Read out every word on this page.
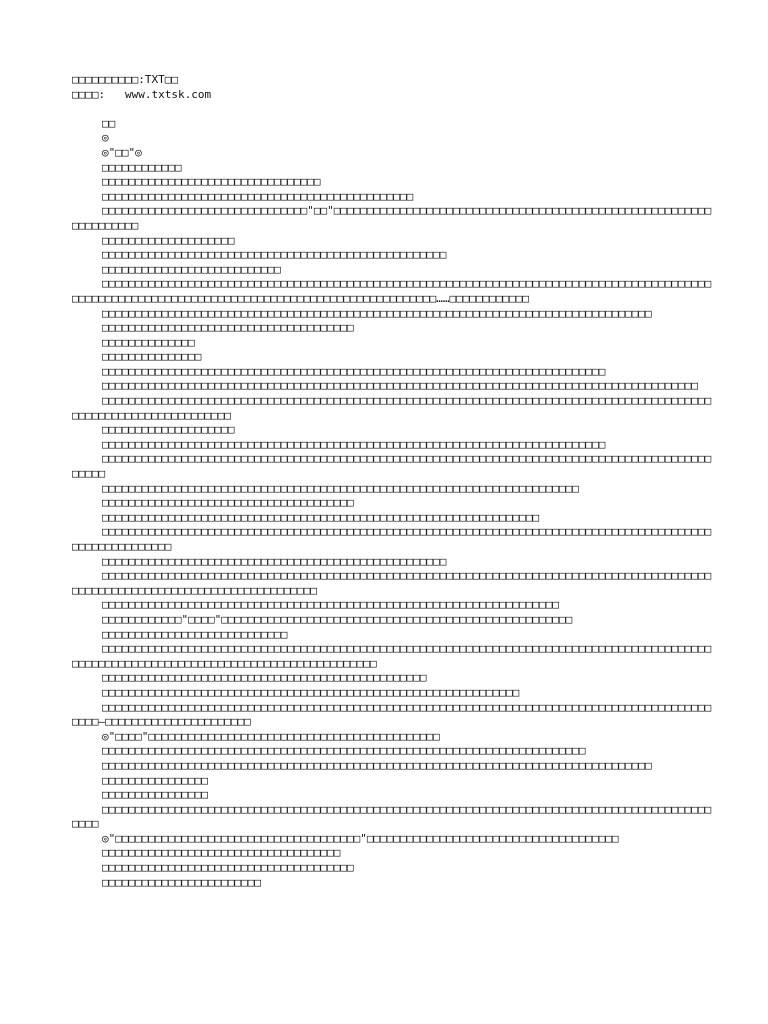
□□□□□□□□□□:TXT□□
□□□□:   www.txtsk.com

□□

◎

◎"□□"◎

□□□□□□□□□□□□

□□□□□□□□□□□□□□□□□□□□□□□□□□□□□□□□□

□□□□□□□□□□□□□□□□□□□□□□□□□□□□□□□□□□□□□□□□□□□□□□□

□□□□□□□□□□□□□□□□□□□□□□□□□□□□□□□"□□"□□□□□□□□□□□□□□□□□□□□□□□□□□□□□□□□□□□□□□□□□□□□□□□□□□□□□□□□□□□□□□□□□□□

□□□□□□□□□□□□□□□□□□□□

□□□□□□□□□□□□□□□□□□□□□□□□□□□□□□□□□□□□□□□□□□□□□□□□□□□□

□□□□□□□□□□□□□□□□□□□□□□□□□□□

□□□□□□□□□□□□□□□□□□□□□□□□□□□□□□□□□□□□□□□□□□□□□□□□□□□□□□□□□□□□□□□□□□□□□□□□□□□□□□□□□□□□□□□□□□□□□□□□□□□□□□□□□□□□□□□□□□□□□□□□□□□□□□□□□□□□□□□□□□□□□□□□□□□……□□□□□□□□□□□□

□□□□□□□□□□□□□□□□□□□□□□□□□□□□□□□□□□□□□□□□□□□□□□□□□□□□□□□□□□□□□□□□□□□□□□□□□□□□□□□□□□□

□□□□□□□□□□□□□□□□□□□□□□□□□□□□□□□□□□□□□□

□□□□□□□□□□□□□□

□□□□□□□□□□□□□□□

□□□□□□□□□□□□□□□□□□□□□□□□□□□□□□□□□□□□□□□□□□□□□□□□□□□□□□□□□□□□□□□□□□□□□□□□□□□□

□□□□□□□□□□□□□□□□□□□□□□□□□□□□□□□□□□□□□□□□□□□□□□□□□□□□□□□□□□□□□□□□□□□□□□□□□□□□□□□□□□□□□□□□□□

□□□□□□□□□□□□□□□□□□□□□□□□□□□□□□□□□□□□□□□□□□□□□□□□□□□□□□□□□□□□□□□□□□□□□□□□□□□□□□□□□□□□□□□□□□□□□□□□□□□□□□□□□□□□□□□□□□□□

□□□□□□□□□□□□□□□□□□□□

□□□□□□□□□□□□□□□□□□□□□□□□□□□□□□□□□□□□□□□□□□□□□□□□□□□□□□□□□□□□□□□□□□□□□□□□□□□□

□□□□□□□□□□□□□□□□□□□□□□□□□□□□□□□□□□□□□□□□□□□□□□□□□□□□□□□□□□□□□□□□□□□□□□□□□□□□□□□□□□□□□□□□□□□□□□□□□

□□□□□□□□□□□□□□□□□□□□□□□□□□□□□□□□□□□□□□□□□□□□□□□□□□□□□□□□□□□□□□□□□□□□□□□□

□□□□□□□□□□□□□□□□□□□□□□□□□□□□□□□□□□□□□□

□□□□□□□□□□□□□□□□□□□□□□□□□□□□□□□□□□□□□□□□□□□□□□□□□□□□□□□□□□□□□□□□□□

□□□□□□□□□□□□□□□□□□□□□□□□□□□□□□□□□□□□□□□□□□□□□□□□□□□□□□□□□□□□□□□□□□□□□□□□□□□□□□□□□□□□□□□□□□□□□□□□□□□□□□□□□□□

□□□□□□□□□□□□□□□□□□□□□□□□□□□□□□□□□□□□□□□□□□□□□□□□□□□□

□□□□□□□□□□□□□□□□□□□□□□□□□□□□□□□□□□□□□□□□□□□□□□□□□□□□□□□□□□□□□□□□□□□□□□□□□□□□□□□□□□□□□□□□□□□□□□□□□□□□□□□□□□□□□□□□□□□□□□□□□□□□□□□□□

□□□□□□□□□□□□□□□□□□□□□□□□□□□□□□□□□□□□□□□□□□□□□□□□□□□□□□□□□□□□□□□□□□□□□

□□□□□□□□□□□□"□□□□"□□□□□□□□□□□□□□□□□□□□□□□□□□□□□□□□□□□□□□□□□□□□□□□□□□□□□

□□□□□□□□□□□□□□□□□□□□□□□□□□□□

□□□□□□□□□□□□□□□□□□□□□□□□□□□□□□□□□□□□□□□□□□□□□□□□□□□□□□□□□□□□□□□□□□□□□□□□□□□□□□□□□□□□□□□□□□□□□□□□□□□□□□□□□□□□□□□□□□□□□□□□□□□□□□□□□□□□□□□□□□

□□□□□□□□□□□□□□□□□□□□□□□□□□□□□□□□□□□□□□□□□□□□□□□□□

□□□□□□□□□□□□□□□□□□□□□□□□□□□□□□□□□□□□□□□□□□□□□□□□□□□□□□□□□□□□□□□

□□□□□□□□□□□□□□□□□□□□□□□□□□□□□□□□□□□□□□□□□□□□□□□□□□□□□□□□□□□□□□□□□□□□□□□□□□□□□□□□□□□□□□□□□□□□□□□□—□□□□□□□□□□□□□□□□□□□□□□

◎"□□□□"□□□□□□□□□□□□□□□□□□□□□□□□□□□□□□□□□□□□□□□□□□□□

□□□□□□□□□□□□□□□□□□□□□□□□□□□□□□□□□□□□□□□□□□□□□□□□□□□□□□□□□□□□□□□□□□□□□□□□□

□□□□□□□□□□□□□□□□□□□□□□□□□□□□□□□□□□□□□□□□□□□□□□□□□□□□□□□□□□□□□□□□□□□□□□□□□□□□□□□□□□□

□□□□□□□□□□□□□□□□

□□□□□□□□□□□□□□□□

□□□□□□□□□□□□□□□□□□□□□□□□□□□□□□□□□□□□□□□□□□□□□□□□□□□□□□□□□□□□□□□□□□□□□□□□□□□□□□□□□□□□□□□□□□□□□□□□

◎"□□□□□□□□□□□□□□□□□□□□□□□□□□□□□□□□□□□□□"□□□□□□□□□□□□□□□□□□□□□□□□□□□□□□□□□□□□□□

□□□□□□□□□□□□□□□□□□□□□□□□□□□□□□□□□□□□

□□□□□□□□□□□□□□□□□□□□□□□□□□□□□□□□□□□□□□

□□□□□□□□□□□□□□□□□□□□□□□□
